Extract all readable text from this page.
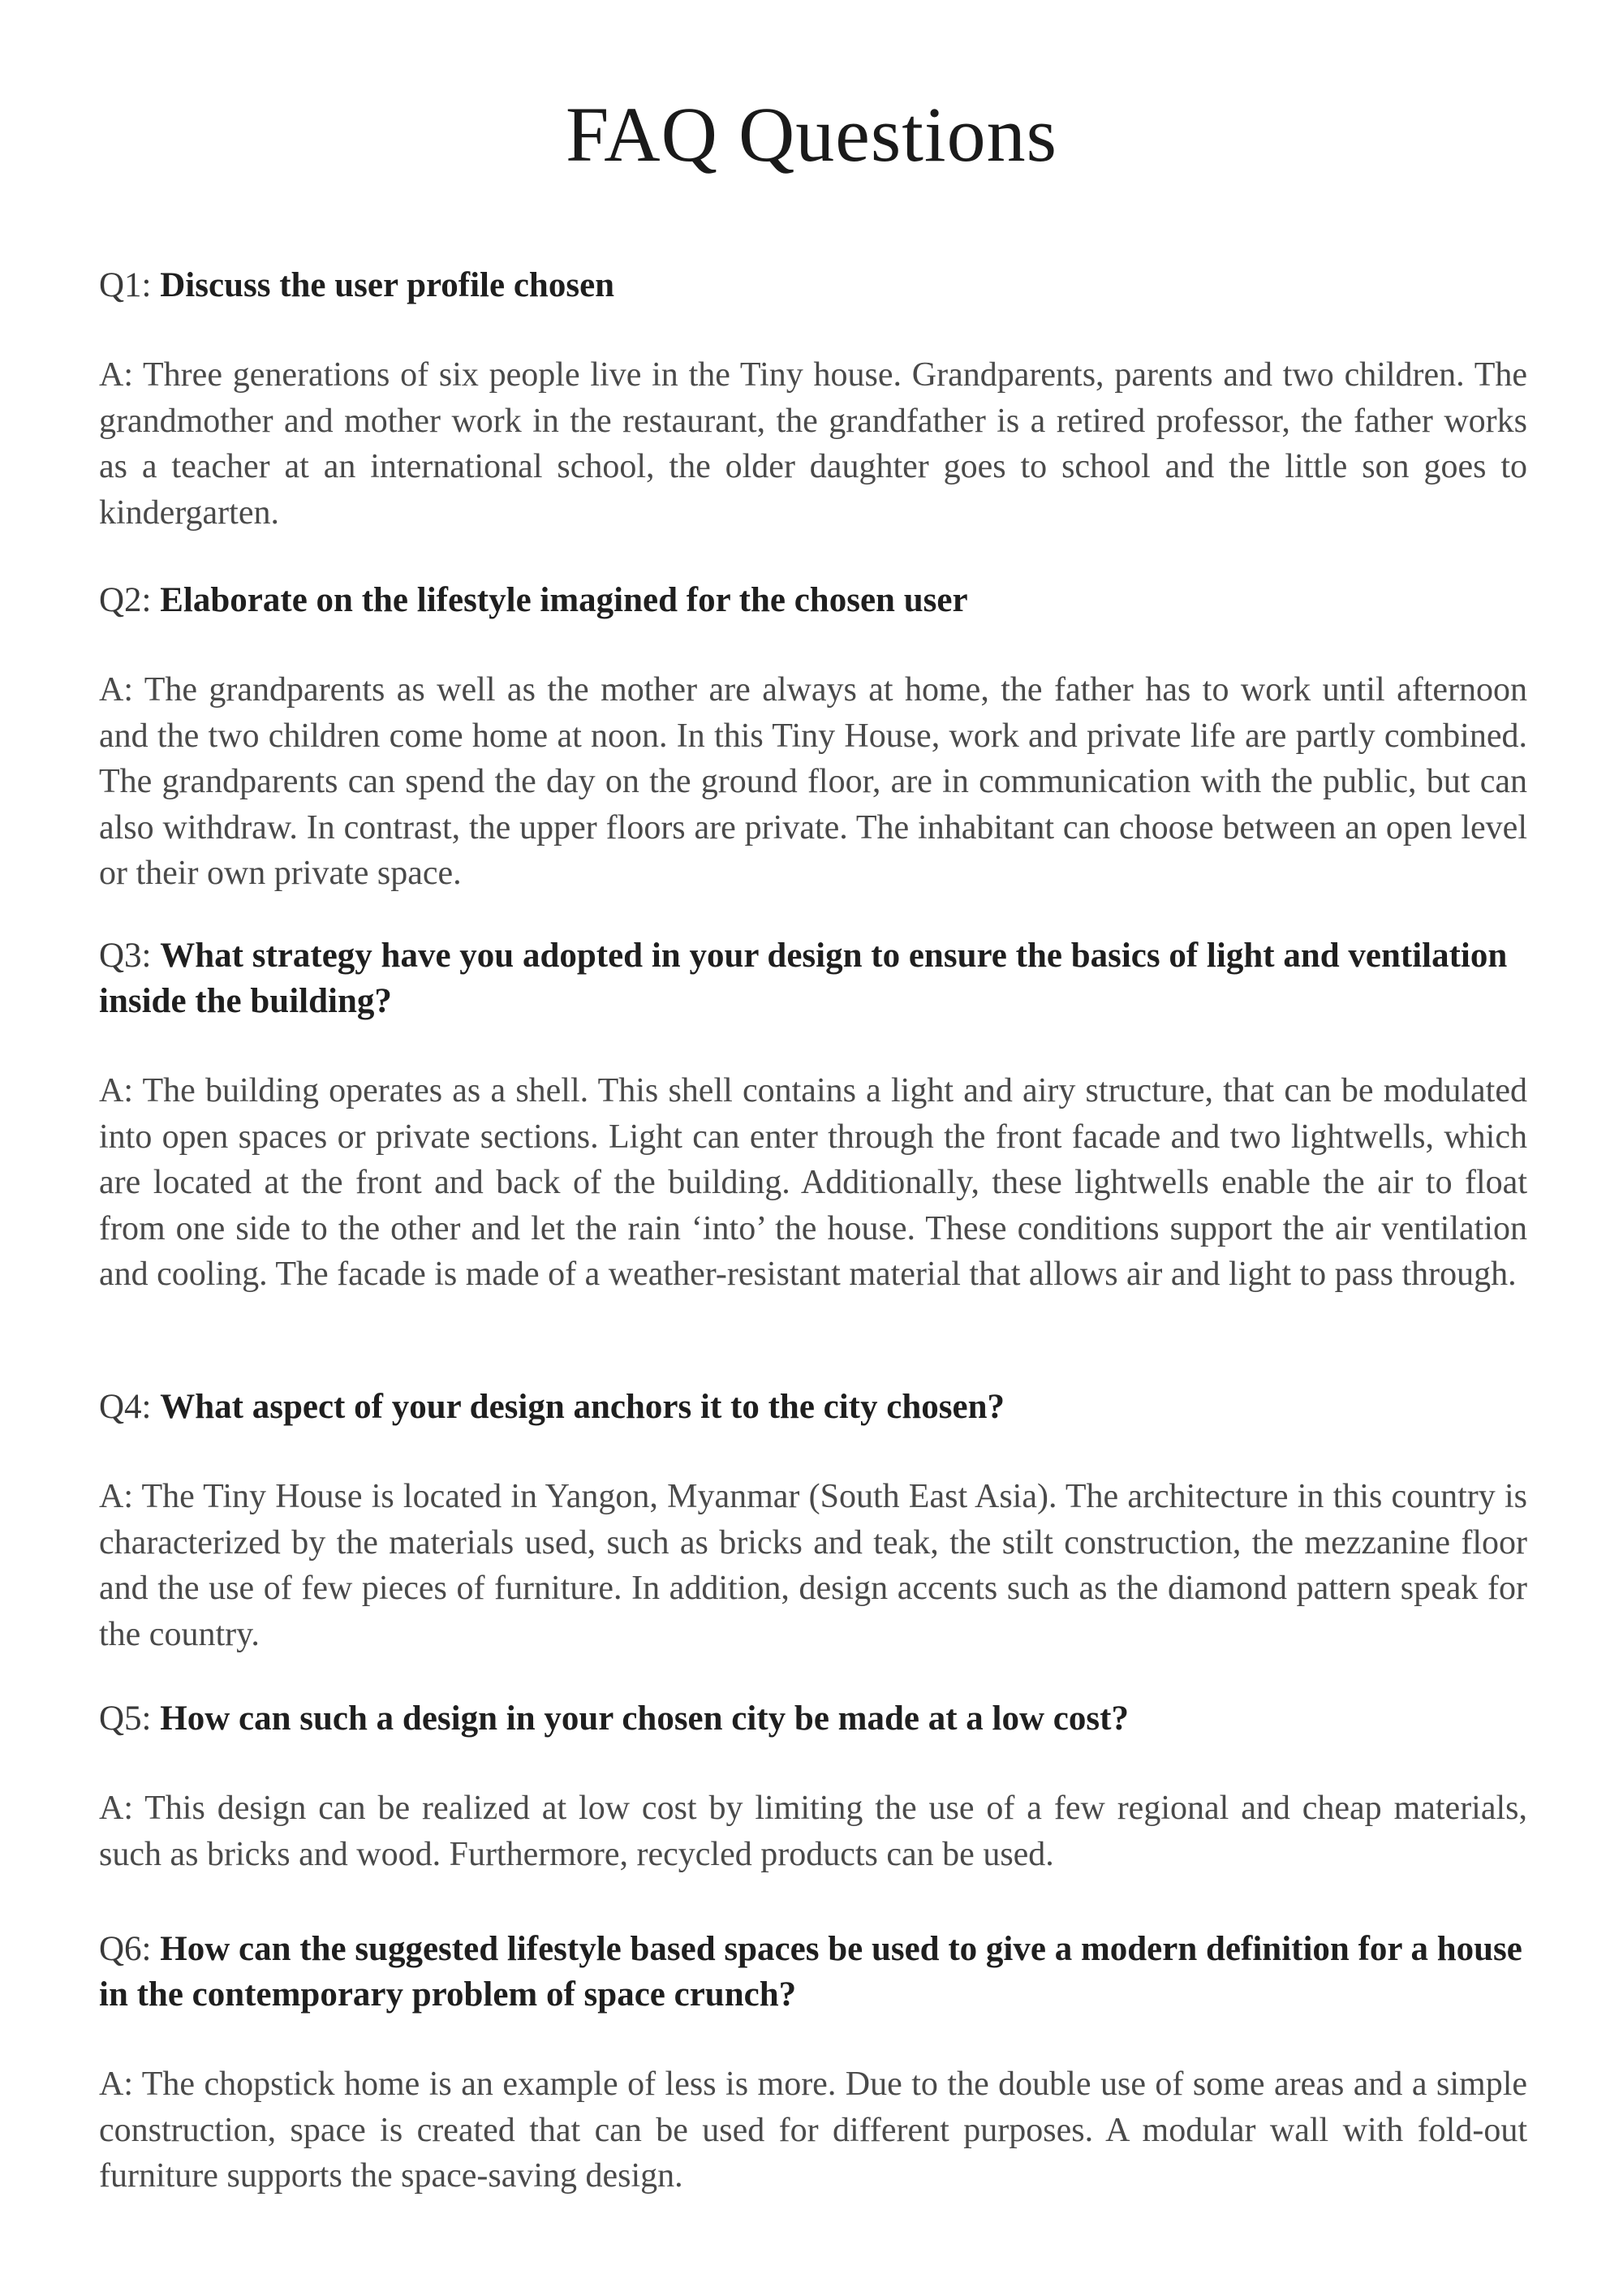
FAQ Questions

Q1: Discuss the user profile chosen

A: Three generations of six people live in the Tiny house. Grandparents, parents and two children. The grandmother and mother work in the restaurant, the grandfather is a retired professor, the father works as a teacher at an international school, the older daughter goes to school and the little son goes to kindergarten.

Q2: Elaborate on the lifestyle imagined for the chosen user

A: The grandparents as well as the mother are always at home, the father has to work until afternoon and the two children come home at noon. In this Tiny House, work and private life are partly combined. The grandparents can spend the day on the ground floor, are in communication with the public, but can also withdraw. In contrast, the upper floors are private. The inhabitant can choose between an open level or their own private space.

Q3: What strategy have you adopted in your design to ensure the basics of light and ventilation inside the building?

A: The building operates as a shell. This shell contains a light and airy structure, that can be modulated into open spaces or private sections. Light can enter through the front facade and two lightwells, which are located at the front and back of the building. Additionally, these lightwells enable the air to float from one side to the other and let the rain ‘into’ the house. These conditions support the air ventilation and cooling. The facade is made of a weather-resistant material that allows air and light to pass through.

Q4: What aspect of your design anchors it to the city chosen?

A: The Tiny House is located in Yangon, Myanmar (South East Asia). The architecture in this country is characterized by the materials used, such as bricks and teak, the stilt construction, the mezzanine floor and the use of few pieces of furniture. In addition, design accents such as the diamond pattern speak for the country.

Q5: How can such a design in your chosen city be made at a low cost?

A: This design can be realized at low cost by limiting the use of a few regional and cheap materials, such as bricks and wood. Furthermore, recycled products can be used.

Q6: How can the suggested lifestyle based spaces be used to give a modern definition for a house in the contemporary problem of space crunch?

A: The chopstick home is an example of less is more. Due to the double use of some areas and a simple construction, space is created that can be used for different purposes. A modular wall with fold-out furniture supports the space-saving design.
